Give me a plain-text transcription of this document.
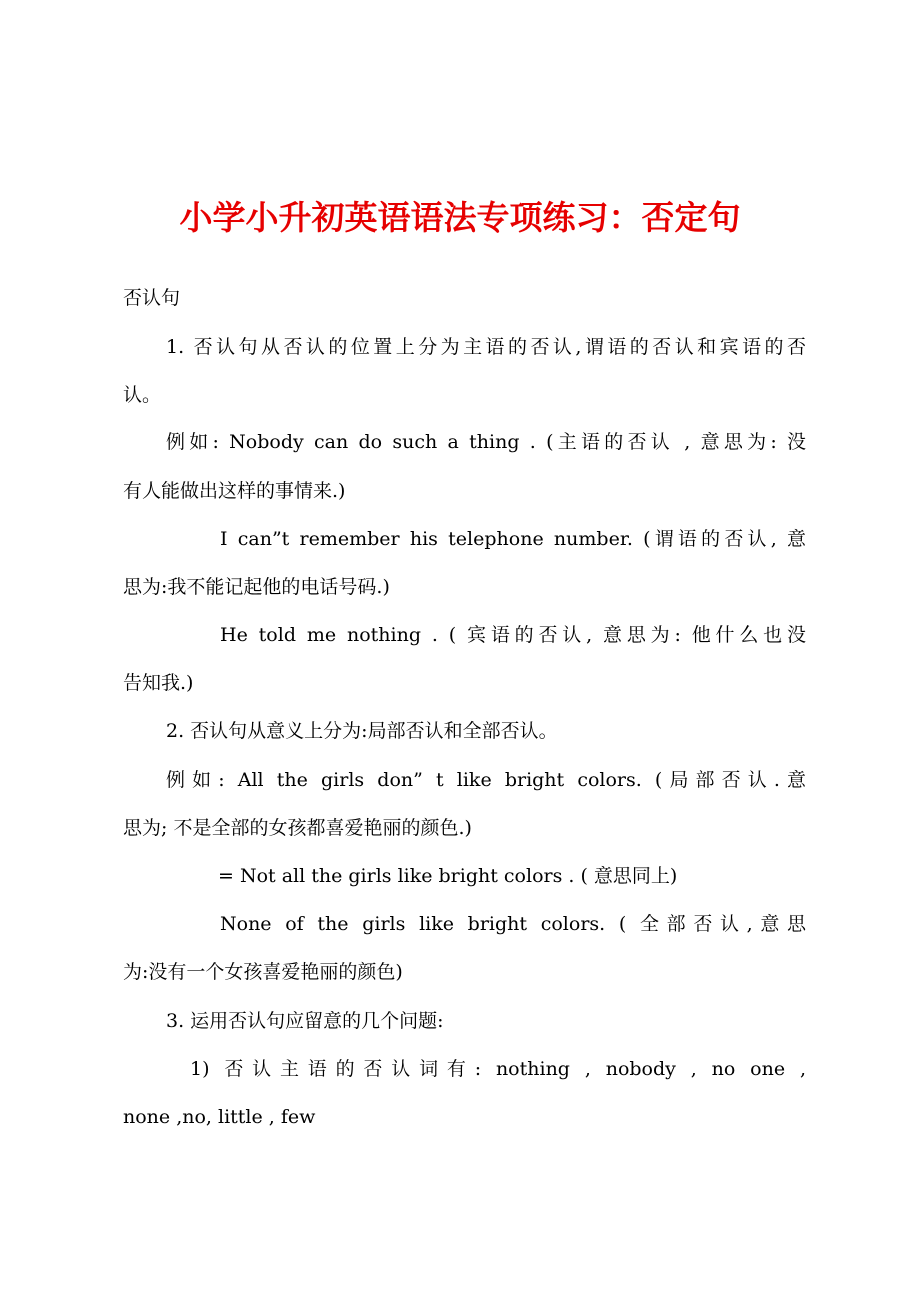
小学小升初英语语法专项练习：否定句
否认句
1. 否认句从否认的位置上分为主语的否认,谓语的否认和宾语的否
认。
例如: Nobody can do such a thing . (主语的否认 , 意思为: 没
有人能做出这样的事情来.)
I can”t remember his telephone number. (谓语的否认, 意
思为:我不能记起他的电话号码.)
He told me nothing . ( 宾语的否认, 意思为: 他什么也没
告知我.)
2. 否认句从意义上分为:局部否认和全部否认。
例如: All the girls don” t like bright colors. (局部否认.意
思为; 不是全部的女孩都喜爱艳丽的颜色.)
= Not all the girls like bright colors . ( 意思同上)
None of the girls like bright colors. ( 全部否认,意思
为:没有一个女孩喜爱艳丽的颜色)
3. 运用否认句应留意的几个问题:
1) 否认主语的否认词有: nothing , nobody , no one ,
none ,no, little , few
